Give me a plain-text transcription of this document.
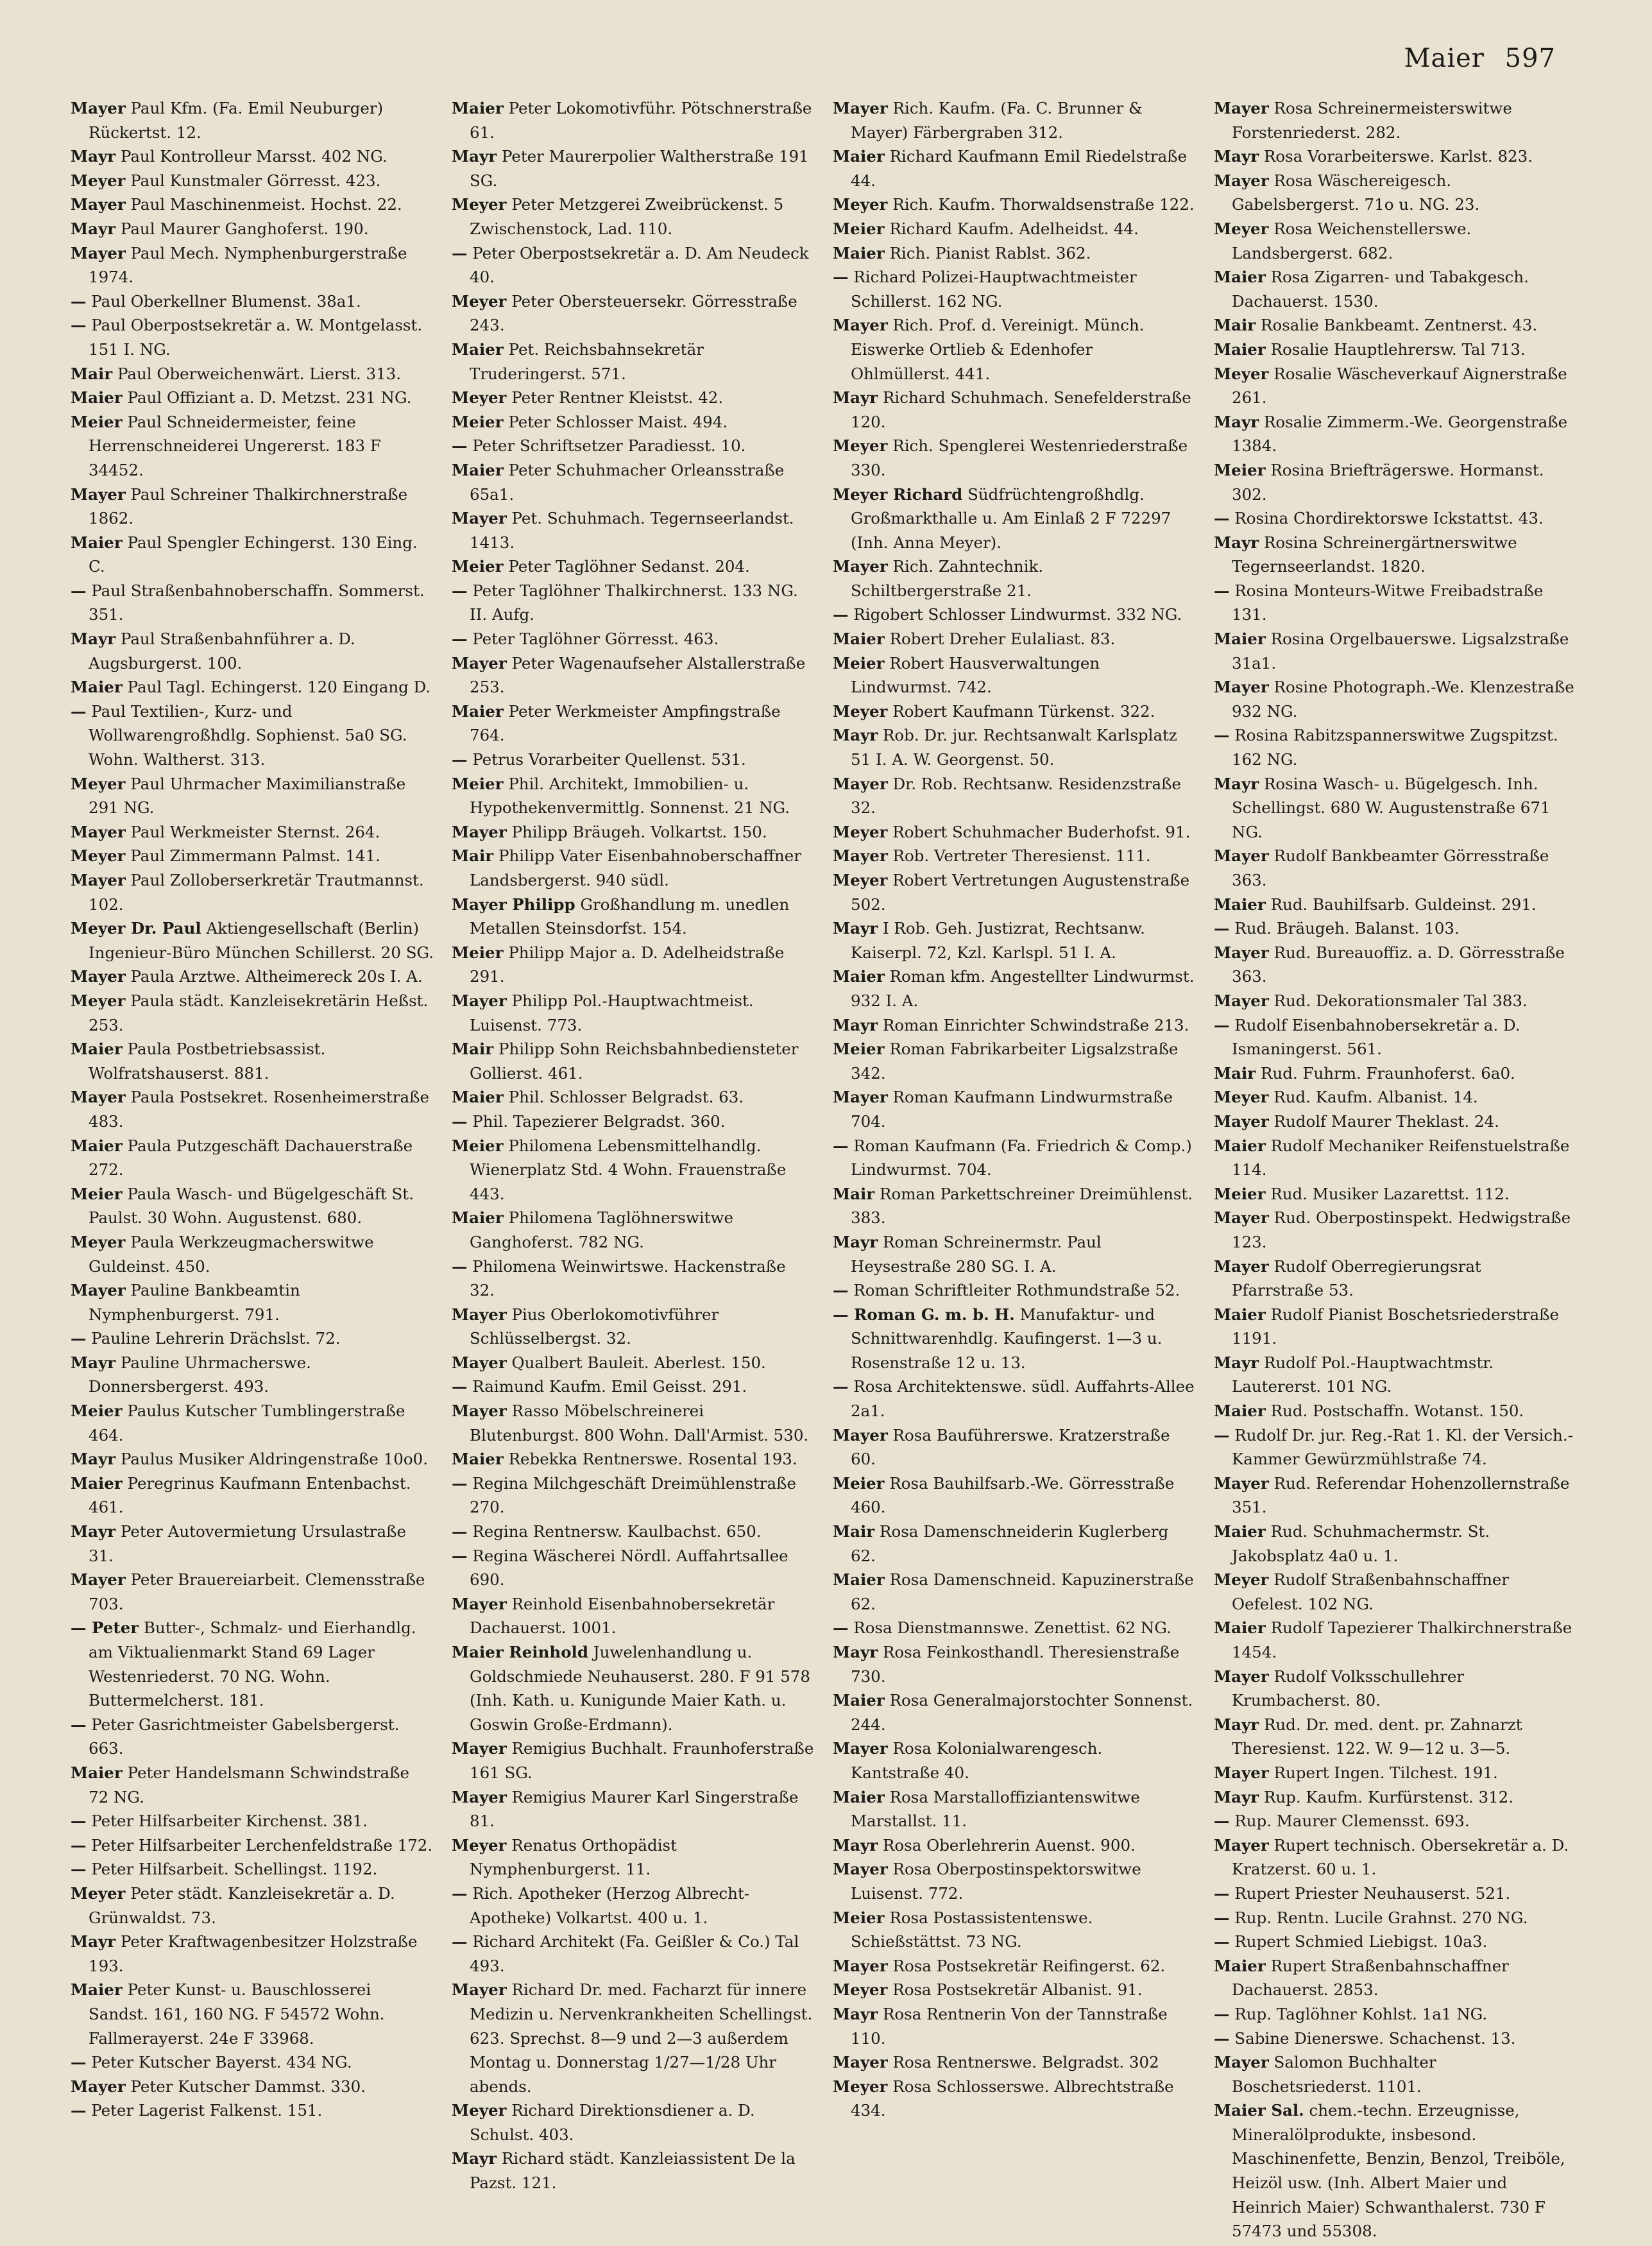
Maier 597

Mayer Paul Kfm. (Fa. Emil Neuburger) Rückertst. 12.

Mayr Paul Kontrolleur Marsst. 402 NG.

Meyer Paul Kunstmaler Görresst. 423.

Mayer Paul Maschinenmeist. Hochst. 22.

Mayr Paul Maurer Ganghoferst. 190.

Mayer Paul Mech. Nymphenburgerstraße 1974.

— Paul Oberkellner Blumenst. 38a1.

— Paul Oberpostsekretär a. W. Montgelasst. 151 I. NG.

Mair Paul Oberweichenwärt. Lierst. 313.

Maier Paul Offiziant a. D. Metzst. 231 NG.

Meier Paul Schneidermeister, feine Herrenschneiderei Ungererst. 183 F 34452.

Mayer Paul Schreiner Thalkirchnerstraße 1862.

Maier Paul Spengler Echingerst. 130 Eing. C.

— Paul Straßenbahnoberschaffn. Sommerst. 351.

Mayr Paul Straßenbahnführer a. D. Augsburgerst. 100.

Maier Paul Tagl. Echingerst. 120 Eingang D.

— Paul Textilien-, Kurz- und Wollwarengroßhdlg. Sophienst. 5a0 SG. Wohn. Waltherst. 313.

Meyer Paul Uhrmacher Maximilianstraße 291 NG.

Mayer Paul Werkmeister Sternst. 264.

Meyer Paul Zimmermann Palmst. 141.

Mayer Paul Zolloberserkretär Trautmannst. 102.

Meyer Dr. Paul Aktiengesellschaft (Berlin) Ingenieur-Büro München Schillerst. 20 SG.

Mayer Paula Arztwe. Altheimereck 20s I. A.

Meyer Paula städt. Kanzleisekretärin Heßst. 253.

Maier Paula Postbetriebsassist. Wolfratshauserst. 881.

Mayer Paula Postsekret. Rosenheimerstraße 483.

Maier Paula Putzgeschäft Dachauerstraße 272.

Meier Paula Wasch- und Bügelgeschäft St. Paulst. 30 Wohn. Augustenst. 680.

Meyer Paula Werkzeugmacherswitwe Guldeinst. 450.

Mayer Pauline Bankbeamtin Nymphenburgerst. 791.

— Pauline Lehrerin Drächslst. 72.

Mayr Pauline Uhrmacherswe. Donnersbergerst. 493.

Meier Paulus Kutscher Tumblingerstraße 464.

Mayr Paulus Musiker Aldringenstraße 10o0.

Maier Peregrinus Kaufmann Entenbachst. 461.

Mayr Peter Autovermietung Ursulastraße 31.

Mayer Peter Brauereiarbeit. Clemensstraße 703.

— Peter Butter-, Schmalz- und Eierhandlg. am Viktualienmarkt Stand 69 Lager Westenriederst. 70 NG. Wohn. Buttermelcherst. 181.

— Peter Gasrichtmeister Gabelsbergerst. 663.

Maier Peter Handelsmann Schwindstraße 72 NG.

— Peter Hilfsarbeiter Kirchenst. 381.

— Peter Hilfsarbeiter Lerchenfeldstraße 172.

— Peter Hilfsarbeit. Schellingst. 1192.

Meyer Peter städt. Kanzleisekretär a. D. Grünwaldst. 73.

Mayr Peter Kraftwagenbesitzer Holzstraße 193.

Maier Peter Kunst- u. Bauschlosserei Sandst. 161, 160 NG. F 54572 Wohn. Fallmerayerst. 24e F 33968.

— Peter Kutscher Bayerst. 434 NG.

Mayer Peter Kutscher Dammst. 330.

— Peter Lagerist Falkenst. 151.

Maier Peter Lokomotivführ. Pötschnerstraße 61.

Mayr Peter Maurerpolier Waltherstraße 191 SG.

Meyer Peter Metzgerei Zweibrückenst. 5 Zwischenstock, Lad. 110.

— Peter Oberpostsekretär a. D. Am Neudeck 40.

Meyer Peter Obersteuersekr. Görresstraße 243.

Maier Pet. Reichsbahnsekretär Truderingerst. 571.

Meyer Peter Rentner Kleistst. 42.

Meier Peter Schlosser Maist. 494.

— Peter Schriftsetzer Paradiesst. 10.

Maier Peter Schuhmacher Orleansstraße 65a1.

Mayer Pet. Schuhmach. Tegernseerlandst. 1413.

Meier Peter Taglöhner Sedanst. 204.

— Peter Taglöhner Thalkirchnerst. 133 NG. II. Aufg.

— Peter Taglöhner Görresst. 463.

Mayer Peter Wagenaufseher Alstallerstraße 253.

Maier Peter Werkmeister Ampfingstraße 764.

— Petrus Vorarbeiter Quellenst. 531.

Meier Phil. Architekt, Immobilien- u. Hypothekenvermittlg. Sonnenst. 21 NG.

Mayer Philipp Bräugeh. Volkartst. 150.

Mair Philipp Vater Eisenbahnoberschaffner Landsbergerst. 940 südl.

Mayer Philipp Großhandlung m. unedlen Metallen Steinsdorfst. 154.

Meier Philipp Major a. D. Adelheidstraße 291.

Mayer Philipp Pol.-Hauptwachtmeist. Luisenst. 773.

Mair Philipp Sohn Reichsbahnbediensteter Gollierst. 461.

Maier Phil. Schlosser Belgradst. 63.

— Phil. Tapezierer Belgradst. 360.

Meier Philomena Lebensmittelhandlg. Wienerplatz Std. 4 Wohn. Frauenstraße 443.

Maier Philomena Taglöhnerswitwe Ganghoferst. 782 NG.

— Philomena Weinwirtswe. Hackenstraße 32.

Mayer Pius Oberlokomotivführer Schlüsselbergst. 32.

Mayer Qualbert Bauleit. Aberlest. 150.

— Raimund Kaufm. Emil Geisst. 291.

Mayer Rasso Möbelschreinerei Blutenburgst. 800 Wohn. Dall'Armist. 530.

Maier Rebekka Rentnerswe. Rosental 193.

— Regina Milchgeschäft Dreimühlenstraße 270.

— Regina Rentnersw. Kaulbachst. 650.

— Regina Wäscherei Nördl. Auffahrtsallee 690.

Mayer Reinhold Eisenbahnobersekretär Dachauerst. 1001.

Maier Reinhold Juwelenhandlung u. Goldschmiede Neuhauserst. 280. F 91 578 (Inh. Kath. u. Kunigunde Maier Kath. u. Goswin Große-Erdmann).

Mayer Remigius Buchhalt. Fraunhoferstraße 161 SG.

Mayer Remigius Maurer Karl Singerstraße 81.

Meyer Renatus Orthopädist Nymphenburgerst. 11.

— Rich. Apotheker (Herzog Albrecht-Apotheke) Volkartst. 400 u. 1.

— Richard Architekt (Fa. Geißler & Co.) Tal 493.

Mayer Richard Dr. med. Facharzt für innere Medizin u. Nervenkrankheiten Schellingst. 623. Sprechst. 8—9 und 2—3 außerdem Montag u. Donnerstag 1/27—1/28 Uhr abends.

Meyer Richard Direktionsdiener a. D. Schulst. 403.

Mayr Richard städt. Kanzleiassistent De la Pazst. 121.

Mayer Rich. Kaufm. (Fa. C. Brunner & Mayer) Färbergraben 312.

Maier Richard Kaufmann Emil Riedelstraße 44.

Meyer Rich. Kaufm. Thorwaldsenstraße 122.

Meier Richard Kaufm. Adelheidst. 44.

Maier Rich. Pianist Rablst. 362.

— Richard Polizei-Hauptwachtmeister Schillerst. 162 NG.

Mayer Rich. Prof. d. Vereinigt. Münch. Eiswerke Ortlieb & Edenhofer Ohlmüllerst. 441.

Mayr Richard Schuhmach. Senefelderstraße 120.

Meyer Rich. Spenglerei Westenriederstraße 330.

Meyer Richard Südfrüchtengroßhdlg. Großmarkthalle u. Am Einlaß 2 F 72297 (Inh. Anna Meyer).

Mayer Rich. Zahntechnik. Schiltbergerstraße 21.

— Rigobert Schlosser Lindwurmst. 332 NG.

Maier Robert Dreher Eulaliast. 83.

Meier Robert Hausverwaltungen Lindwurmst. 742.

Meyer Robert Kaufmann Türkenst. 322.

Mayr Rob. Dr. jur. Rechtsanwalt Karlsplatz 51 I. A. W. Georgenst. 50.

Mayer Dr. Rob. Rechtsanw. Residenzstraße 32.

Meyer Robert Schuhmacher Buderhofst. 91.

Mayer Rob. Vertreter Theresienst. 111.

Meyer Robert Vertretungen Augustenstraße 502.

Mayr I Rob. Geh. Justizrat, Rechtsanw. Kaiserpl. 72, Kzl. Karlspl. 51 I. A.

Maier Roman kfm. Angestellter Lindwurmst. 932 I. A.

Mayr Roman Einrichter Schwindstraße 213.

Meier Roman Fabrikarbeiter Ligsalzstraße 342.

Mayer Roman Kaufmann Lindwurmstraße 704.

— Roman Kaufmann (Fa. Friedrich & Comp.) Lindwurmst. 704.

Mair Roman Parkettschreiner Dreimühlenst. 383.

Mayr Roman Schreinermstr. Paul Heysestraße 280 SG. I. A.

— Roman Schriftleiter Rothmundstraße 52.

— Roman G. m. b. H. Manufaktur- und Schnittwarenhdlg. Kaufingerst. 1—3 u. Rosenstraße 12 u. 13.

— Rosa Architektenswe. südl. Auffahrts-Allee 2a1.

Mayer Rosa Bauführerswe. Kratzerstraße 60.

Meier Rosa Bauhilfsarb.-We. Görresstraße 460.

Mair Rosa Damenschneiderin Kuglerberg 62.

Maier Rosa Damenschneid. Kapuzinerstraße 62.

— Rosa Dienstmannswe. Zenettist. 62 NG.

Mayr Rosa Feinkosthandl. Theresienstraße 730.

Maier Rosa Generalmajorstochter Sonnenst. 244.

Mayer Rosa Kolonialwarengesch. Kantstraße 40.

Maier Rosa Marstalloffiziantenswitwe Marstallst. 11.

Mayr Rosa Oberlehrerin Auenst. 900.

Mayer Rosa Oberpostinspektorswitwe Luisenst. 772.

Meier Rosa Postassistentenswe. Schießstättst. 73 NG.

Mayer Rosa Postsekretär Reifingerst. 62.

Meyer Rosa Postsekretär Albanist. 91.

Mayr Rosa Rentnerin Von der Tannstraße 110.

Mayer Rosa Rentnerswe. Belgradst. 302

Meyer Rosa Schlosserswe. Albrechtstraße 434.

Mayer Rosa Schreinermeisterswitwe Forstenriederst. 282.

Mayr Rosa Vorarbeiterswe. Karlst. 823.

Mayer Rosa Wäschereigesch. Gabelsbergerst. 71o u. NG. 23.

Meyer Rosa Weichenstellerswe. Landsbergerst. 682.

Maier Rosa Zigarren- und Tabakgesch. Dachauerst. 1530.

Mair Rosalie Bankbeamt. Zentnerst. 43.

Maier Rosalie Hauptlehrersw. Tal 713.

Meyer Rosalie Wäscheverkauf Aignerstraße 261.

Mayr Rosalie Zimmerm.-We. Georgenstraße 1384.

Meier Rosina Briefträgerswe. Hormanst. 302.

— Rosina Chordirektorswe Ickstattst. 43.

Mayr Rosina Schreinergärtnerswitwe Tegernseerlandst. 1820.

— Rosina Monteurs-Witwe Freibadstraße 131.

Maier Rosina Orgelbauerswe. Ligsalzstraße 31a1.

Mayer Rosine Photograph.-We. Klenzestraße 932 NG.

— Rosina Rabitzspannerswitwe Zugspitzst. 162 NG.

Mayr Rosina Wasch- u. Bügelgesch. Inh. Schellingst. 680 W. Augustenstraße 671 NG.

Mayer Rudolf Bankbeamter Görresstraße 363.

Maier Rud. Bauhilfsarb. Guldeinst. 291.

— Rud. Bräugeh. Balanst. 103.

Mayer Rud. Bureauoffiz. a. D. Görresstraße 363.

Mayer Rud. Dekorationsmaler Tal 383.

— Rudolf Eisenbahnobersekretär a. D. Ismaningerst. 561.

Mair Rud. Fuhrm. Fraunhoferst. 6a0.

Meyer Rud. Kaufm. Albanist. 14.

Mayer Rudolf Maurer Theklast. 24.

Maier Rudolf Mechaniker Reifenstuelstraße 114.

Meier Rud. Musiker Lazarettst. 112.

Mayer Rud. Oberpostinspekt. Hedwigstraße 123.

Mayer Rudolf Oberregierungsrat Pfarrstraße 53.

Maier Rudolf Pianist Boschetsriederstraße 1191.

Mayr Rudolf Pol.-Hauptwachtmstr. Lautererst. 101 NG.

Maier Rud. Postschaffn. Wotanst. 150.

— Rudolf Dr. jur. Reg.-Rat 1. Kl. der Versich.-Kammer Gewürzmühlstraße 74.

Mayer Rud. Referendar Hohenzollernstraße 351.

Maier Rud. Schuhmachermstr. St. Jakobsplatz 4a0 u. 1.

Meyer Rudolf Straßenbahnschaffner Oefelest. 102 NG.

Maier Rudolf Tapezierer Thalkirchnerstraße 1454.

Mayer Rudolf Volksschullehrer Krumbacherst. 80.

Mayr Rud. Dr. med. dent. pr. Zahnarzt Theresienst. 122. W. 9—12 u. 3—5.

Mayer Rupert Ingen. Tilchest. 191.

Mayr Rup. Kaufm. Kurfürstenst. 312.

— Rup. Maurer Clemensst. 693.

Mayer Rupert technisch. Obersekretär a. D. Kratzerst. 60 u. 1.

— Rupert Priester Neuhauserst. 521.

— Rup. Rentn. Lucile Grahnst. 270 NG.

— Rupert Schmied Liebigst. 10a3.

Maier Rupert Straßenbahnschaffner Dachauerst. 2853.

— Rup. Taglöhner Kohlst. 1a1 NG.

— Sabine Dienerswe. Schachenst. 13.

Mayer Salomon Buchhalter Boschetsriederst. 1101.

Maier Sal. chem.-techn. Erzeugnisse, Mineralölprodukte, insbesond. Maschinenfette, Benzin, Benzol, Treiböle, Heizöl usw. (Inh. Albert Maier und Heinrich Maier) Schwanthalerst. 730 F 57473 und 55308.
